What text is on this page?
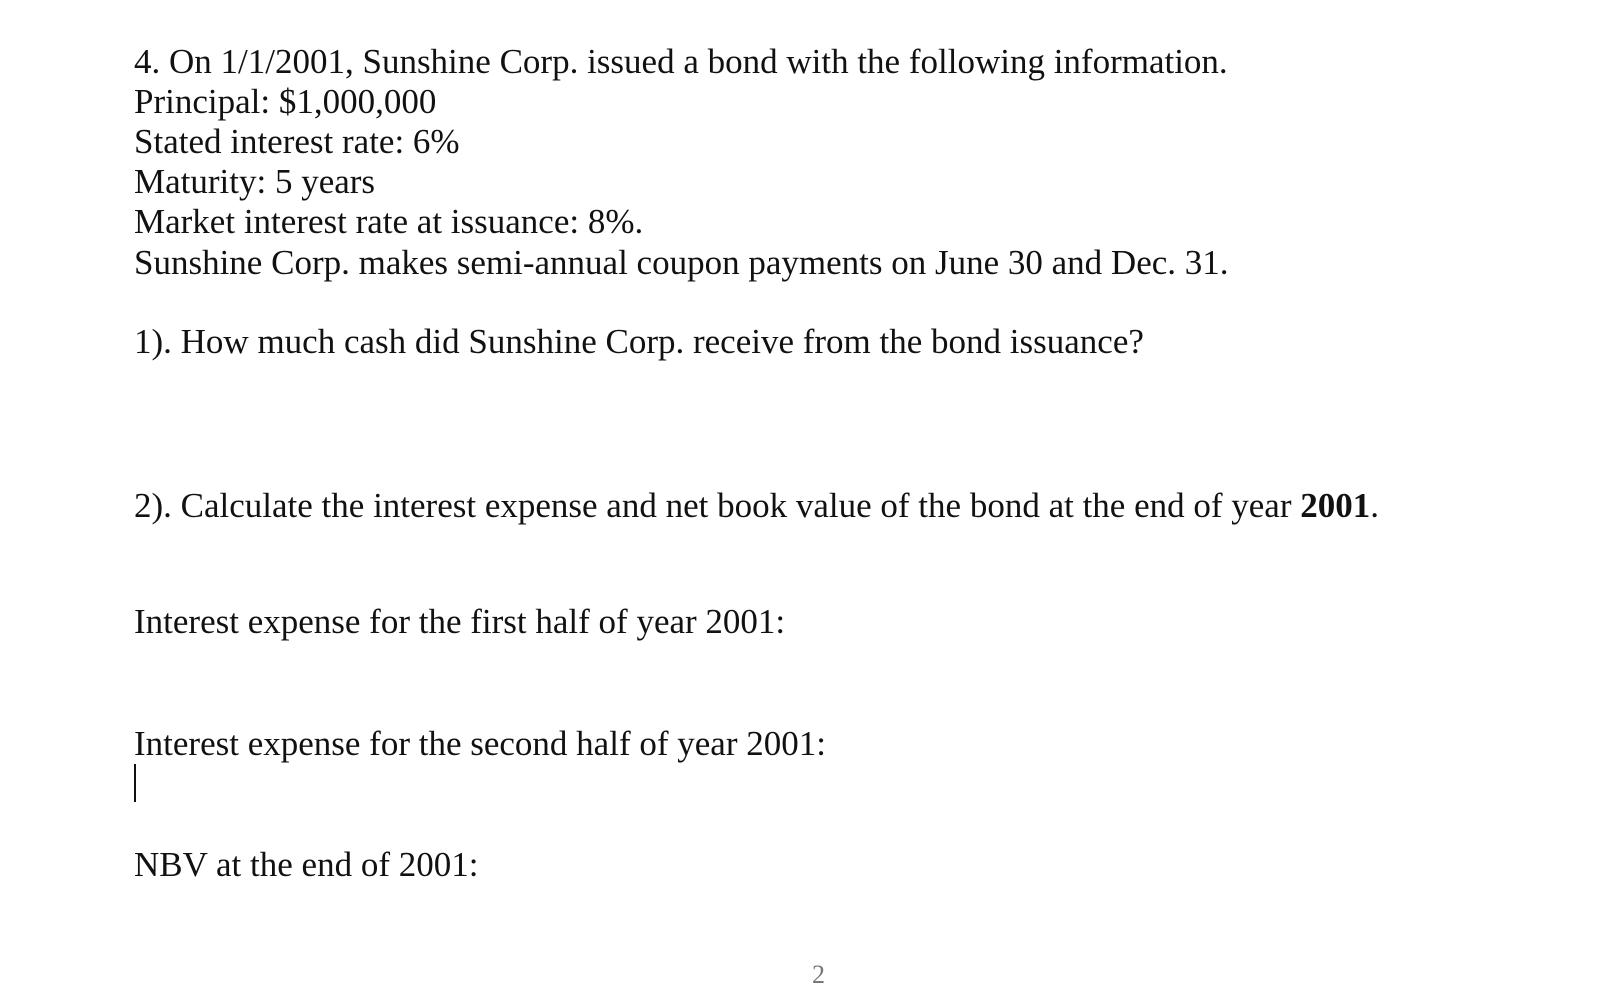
4. On 1/1/2001, Sunshine Corp. issued a bond with the following information.
Principal: $1,000,000
Stated interest rate: 6%
Maturity: 5 years
Market interest rate at issuance: 8%.
Sunshine Corp. makes semi-annual coupon payments on June 30 and Dec. 31.
1). How much cash did Sunshine Corp. receive from the bond issuance?
2). Calculate the interest expense and net book value of the bond at the end of year 2001.
Interest expense for the first half of year 2001:
Interest expense for the second half of year 2001:
NBV at the end of 2001:
2
